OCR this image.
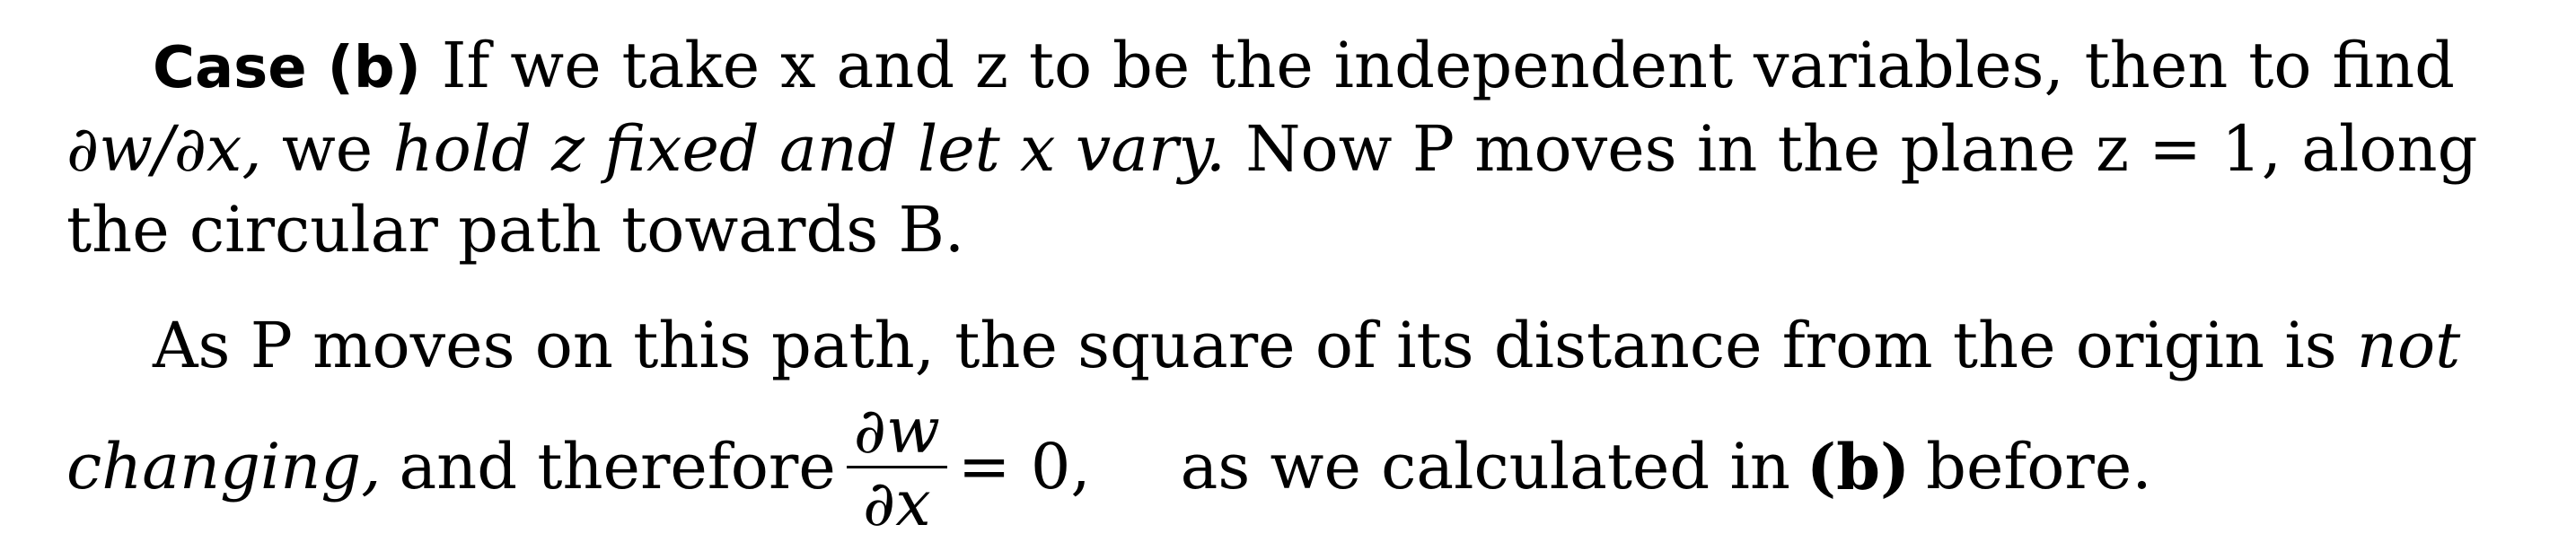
Case (b) If we take x and z to be the independent variables, then to find
∂w/∂x, we hold z fixed and let x vary. Now P moves in the plane z = 1, along
the circular path towards B.
As P moves on this path, the square of its distance from the origin is not
changing, and therefore $\frac{\partial w}{\partial x} = 0$, as we calculated in (b) before.
